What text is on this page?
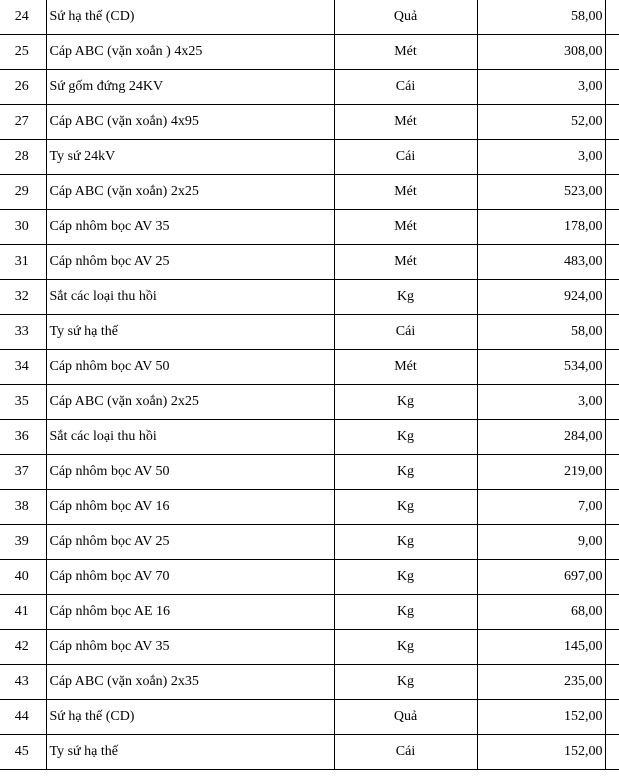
24	Sứ hạ thế (CD)	Quả	58,00	
25	Cáp ABC (vặn xoắn ) 4x25	Mét	308,00	
26	Sứ gốm đứng 24KV	Cái	3,00	
27	Cáp ABC (vặn xoắn) 4x95	Mét	52,00	
28	Ty sứ 24kV	Cái	3,00	
29	Cáp ABC (vặn xoắn) 2x25	Mét	523,00	
30	Cáp nhôm bọc AV 35	Mét	178,00	
31	Cáp nhôm bọc AV 25	Mét	483,00	
32	Sắt các loại thu hồi	Kg	924,00	
33	Ty sứ hạ thế	Cái	58,00	
34	Cáp nhôm bọc AV 50	Mét	534,00	
35	Cáp ABC (vặn xoắn) 2x25	Kg	3,00	
36	Sắt các loại thu hồi	Kg	284,00	
37	Cáp nhôm bọc AV 50	Kg	219,00	
38	Cáp nhôm bọc AV 16	Kg	7,00	
39	Cáp nhôm bọc AV 25	Kg	9,00	
40	Cáp nhôm bọc AV 70	Kg	697,00	
41	Cáp nhôm bọc AE 16	Kg	68,00	
42	Cáp nhôm bọc AV 35	Kg	145,00	
43	Cáp ABC (vặn xoắn) 2x35	Kg	235,00	
44	Sứ hạ thế (CD)	Quả	152,00	
45	Ty sứ hạ thế	Cái	152,00	
